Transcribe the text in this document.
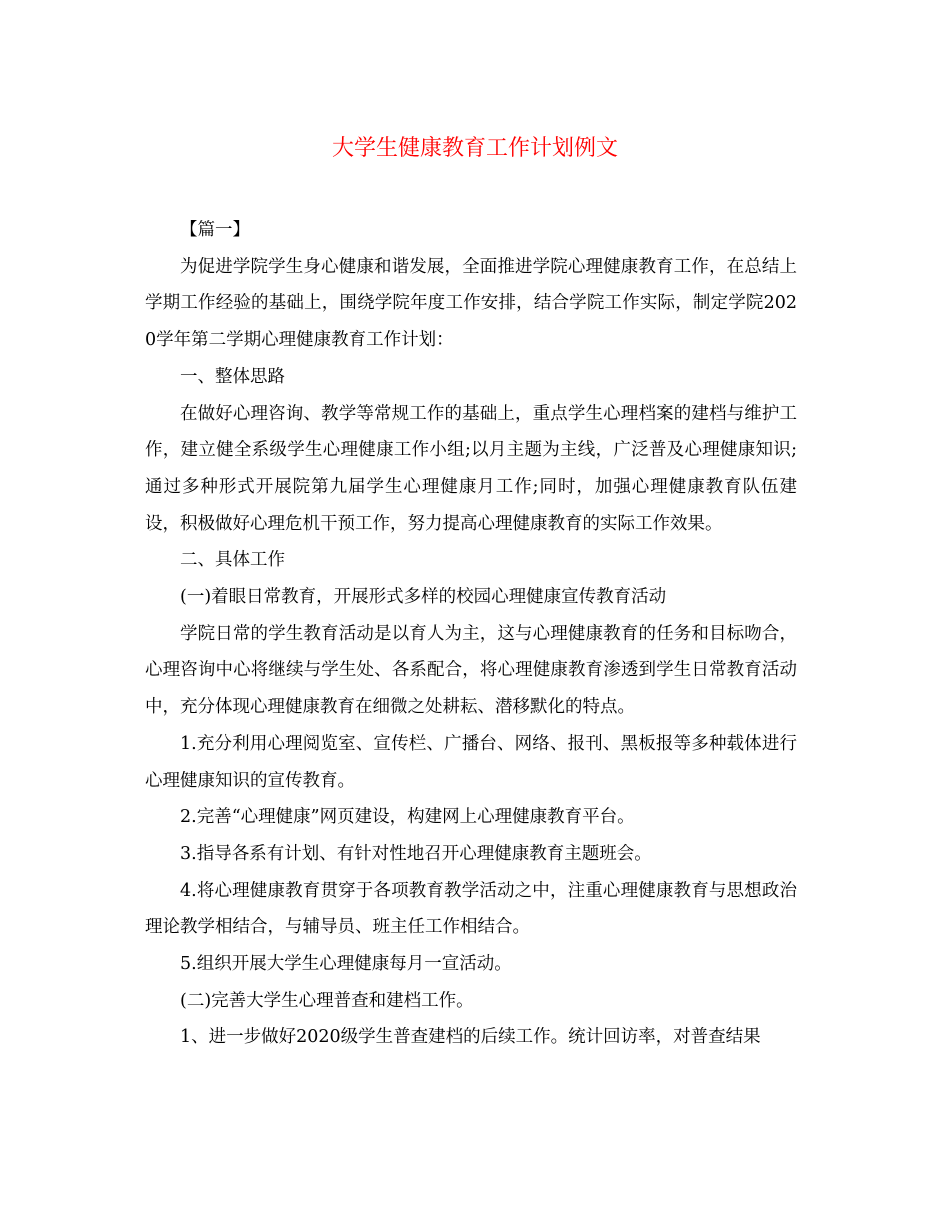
大学生健康教育工作计划例文

【篇一】

为促进学院学生身心健康和谐发展，全面推进学院心理健康教育工作，在总结上学期工作经验的基础上，围绕学院年度工作安排，结合学院工作实际，制定学院2020学年第二学期心理健康教育工作计划：

一、整体思路

在做好心理咨询、教学等常规工作的基础上，重点学生心理档案的建档与维护工作，建立健全系级学生心理健康工作小组;以月主题为主线，广泛普及心理健康知识;通过多种形式开展院第九届学生心理健康月工作;同时，加强心理健康教育队伍建设，积极做好心理危机干预工作，努力提高心理健康教育的实际工作效果。

二、具体工作

(一)着眼日常教育，开展形式多样的校园心理健康宣传教育活动

学院日常的学生教育活动是以育人为主，这与心理健康教育的任务和目标吻合，心理咨询中心将继续与学生处、各系配合，将心理健康教育渗透到学生日常教育活动中，充分体现心理健康教育在细微之处耕耘、潜移默化的特点。

1.充分利用心理阅览室、宣传栏、广播台、网络、报刊、黑板报等多种载体进行心理健康知识的宣传教育。

2.完善“心理健康”网页建设，构建网上心理健康教育平台。

3.指导各系有计划、有针对性地召开心理健康教育主题班会。

4.将心理健康教育贯穿于各项教育教学活动之中，注重心理健康教育与思想政治理论教学相结合，与辅导员、班主任工作相结合。

5.组织开展大学生心理健康每月一宣活动。

(二)完善大学生心理普查和建档工作。

1、进一步做好2020级学生普查建档的后续工作。统计回访率，对普查结果
